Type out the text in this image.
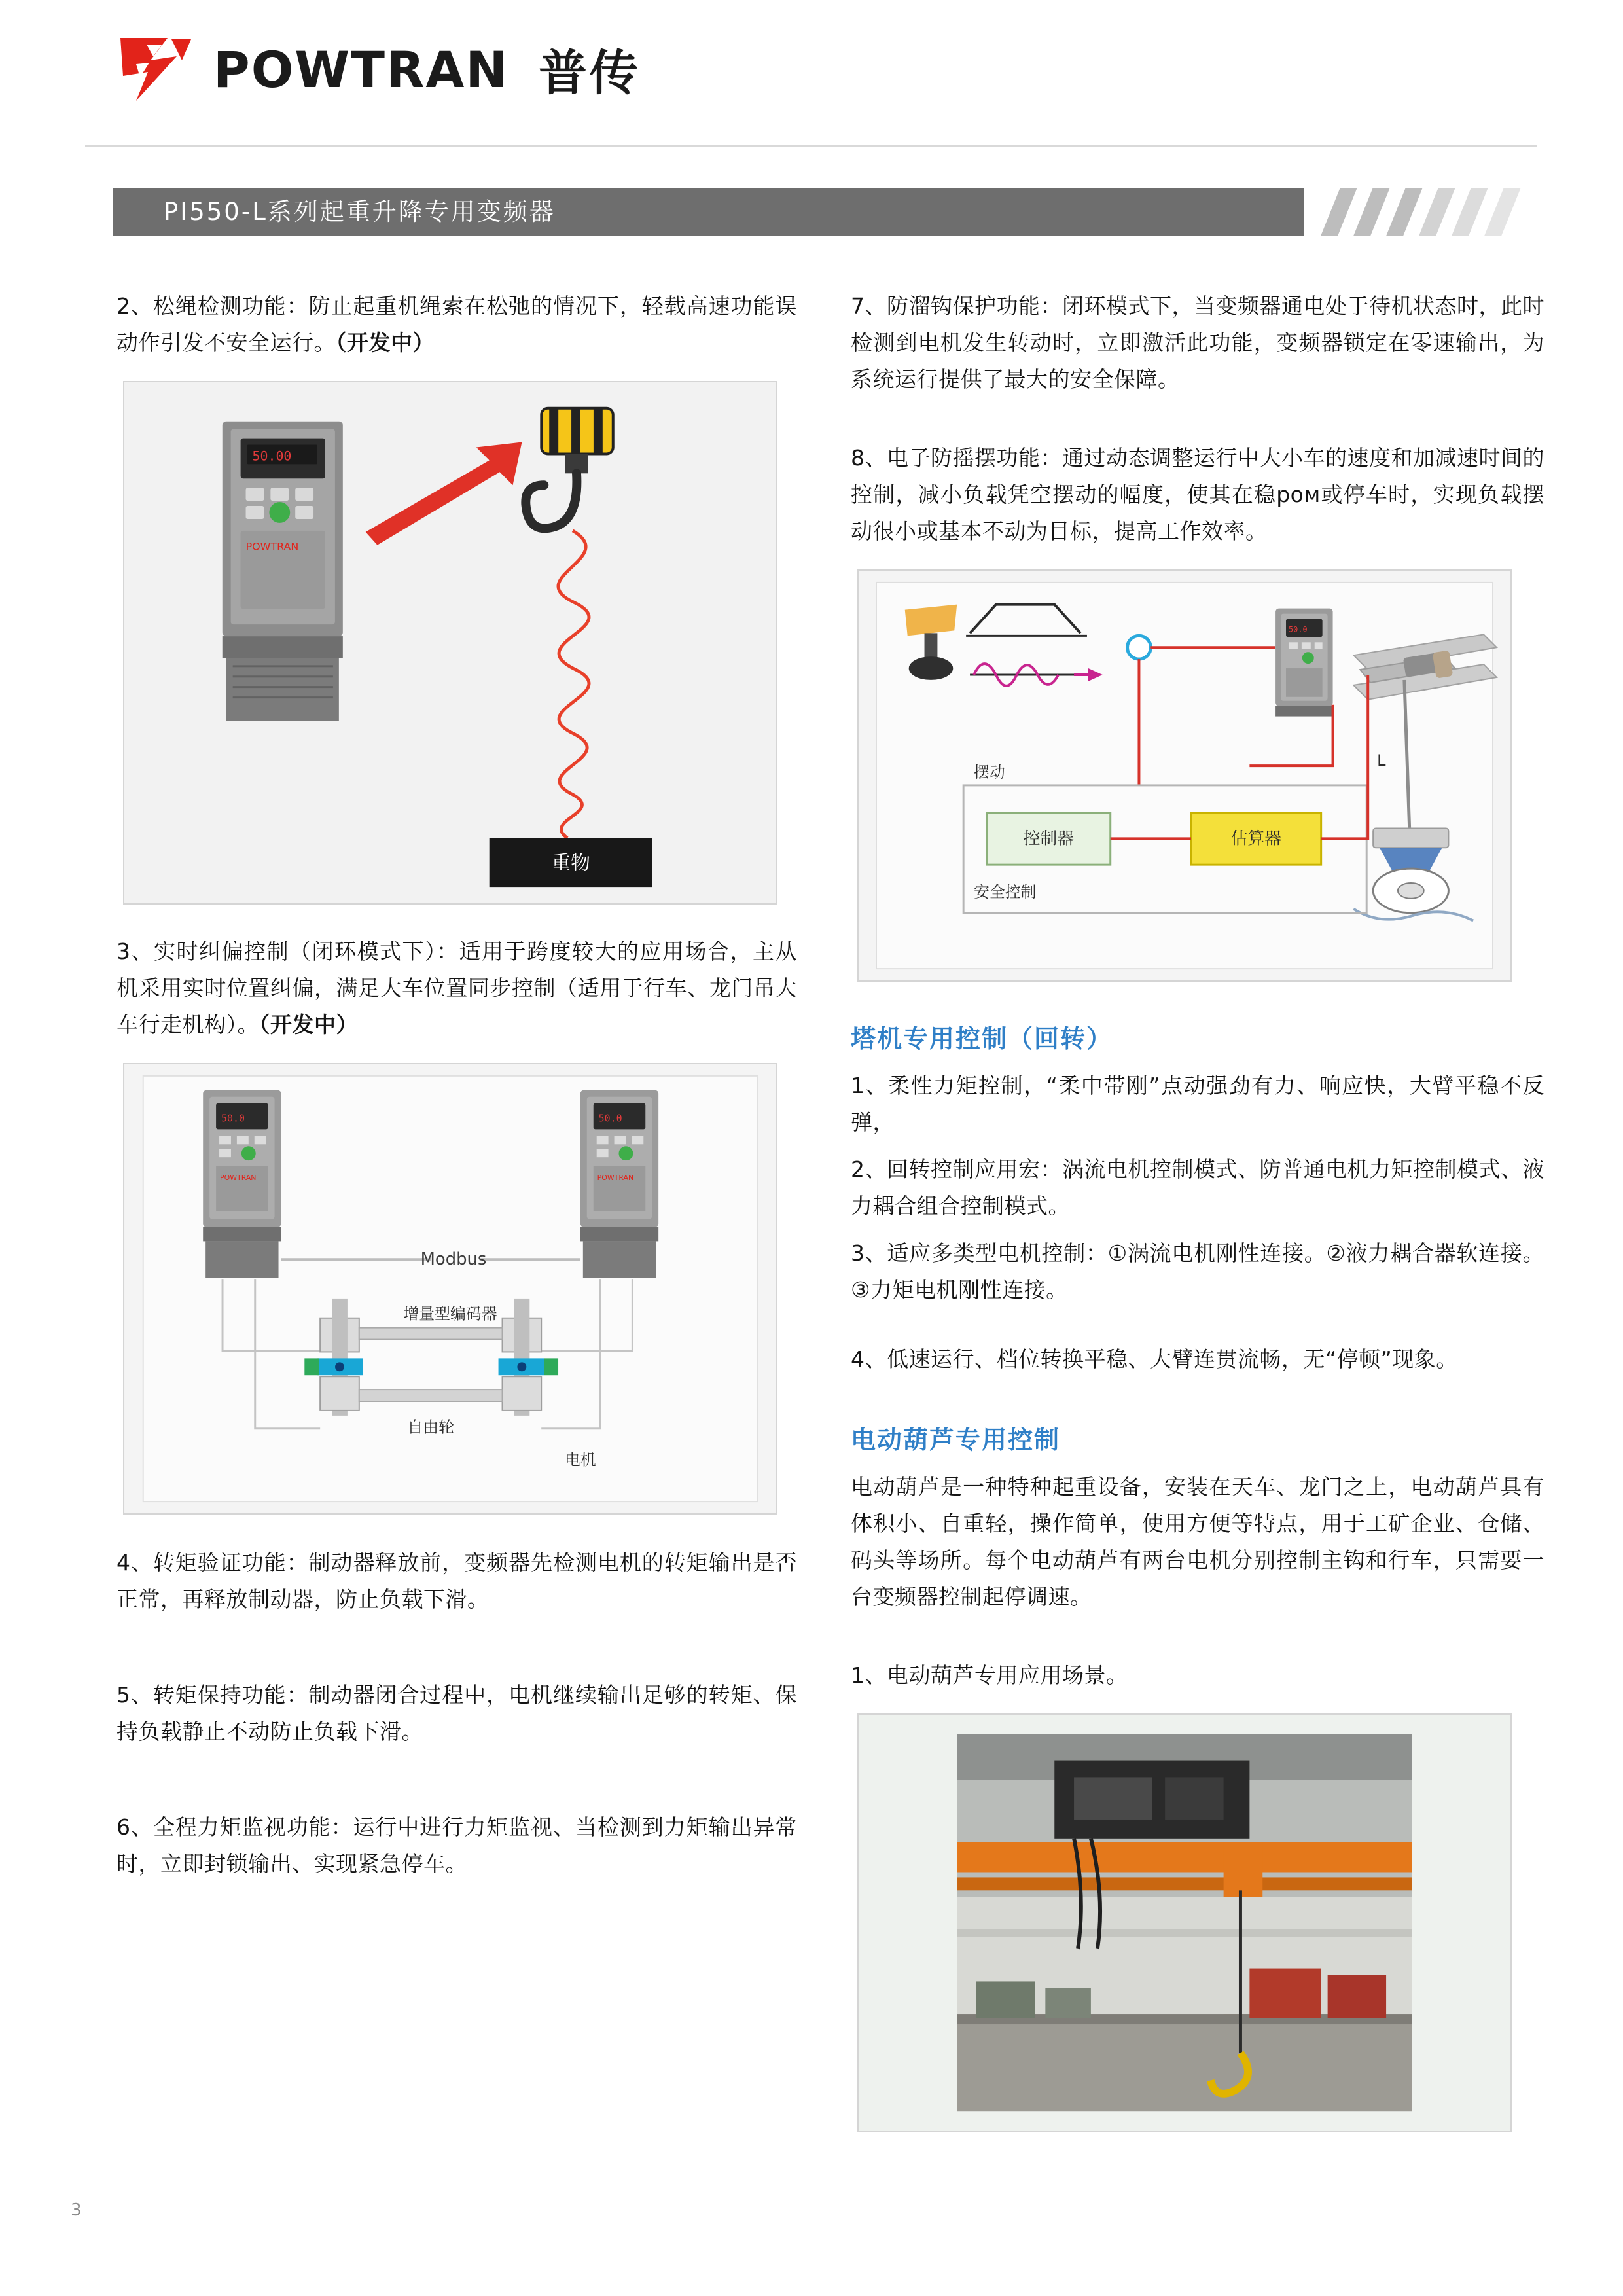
POWTRAN 普传
PI550-L系列起重升降专用变频器

2、松绳检测功能：防止起重机绳索在松弛的情况下，轻载高速功能误动作引发不安全运行。（开发中）

50.00
POWTRAN
重物

3、实时纠偏控制（闭环模式下）：适用于跨度较大的应用场合，主从机采用实时位置纠偏，满足大车位置同步控制（适用于行车、龙门吊大车行走机构）。（开发中）

50.0
POWTRAN
50.0
POWTRAN
Modbus
增量型编码器
自由轮
电机

4、转矩验证功能：制动器释放前，变频器先检测电机的转矩输出是否正常，再释放制动器，防止负载下滑。

5、转矩保持功能：制动器闭合过程中，电机继续输出足够的转矩、保持负载静止不动防止负载下滑。

6、全程力矩监视功能：运行中进行力矩监视、当检测到力矩输出异常时，立即封锁输出、实现紧急停车。

7、防溜钩保护功能：闭环模式下，当变频器通电处于待机状态时，此时检测到电机发生转动时，立即激活此功能，变频器锁定在零速输出，为系统运行提供了最大的安全保障。

8、电子防摇摆功能：通过动态调整运行中大小车的速度和加减速时间的控制，减小负载凭空摆动的幅度，使其在稳ром或停车时，实现负载摆动很小或基本不动为目标，提高工作效率。

50.0
摆动
控制器	估算器
安全控制
L
塔机专用控制（回转）

1、柔性力矩控制，“柔中带刚”点动强劲有力、响应快，大臂平稳不反弹，

2、回转控制应用宏：涡流电机控制模式、防普通电机力矩控制模式、液力耦合组合控制模式。

3、适应多类型电机控制：①涡流电机刚性连接。②液力耦合器软连接。③力矩电机刚性连接。

4、低速运行、档位转换平稳、大臂连贯流畅，无“停顿”现象。

电动葫芦专用控制

电动葫芦是一种特种起重设备，安装在天车、龙门之上，电动葫芦具有体积小、自重轻，操作简单，使用方便等特点，用于工矿企业、仓储、码头等场所。每个电动葫芦有两台电机分别控制主钩和行车，只需要一台变频器控制起停调速。

1、电动葫芦专用应用场景。

3
